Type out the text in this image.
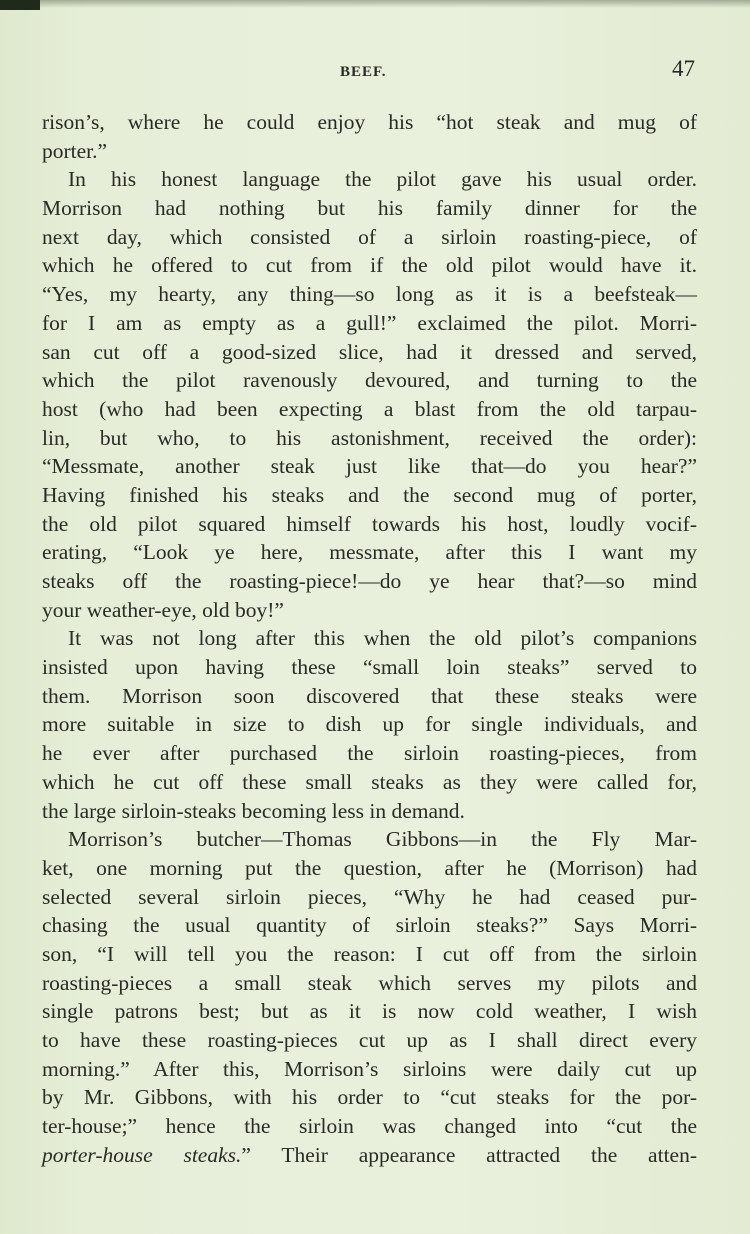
BEEF.	47
rison’s, where he could enjoy his “hot steak and mug of
porter.”
In his honest language the pilot gave his usual order.
Morrison had nothing but his family dinner for the
next day, which consisted of a sirloin roasting-piece, of
which he offered to cut from if the old pilot would have it.
“Yes, my hearty, any thing—so long as it is a beefsteak—
for I am as empty as a gull!” exclaimed the pilot. Morri-
san cut off a good-sized slice, had it dressed and served,
which the pilot ravenously devoured, and turning to the
host (who had been expecting a blast from the old tarpau-
lin, but who, to his astonishment, received the order):
“Messmate, another steak just like that—do you hear?”
Having finished his steaks and the second mug of porter,
the old pilot squared himself towards his host, loudly vocif-
erating, “Look ye here, messmate, after this I want my
steaks off the roasting-piece!—do ye hear that?—so mind
your weather-eye, old boy!”
It was not long after this when the old pilot’s companions
insisted upon having these “small loin steaks” served to
them. Morrison soon discovered that these steaks were
more suitable in size to dish up for single individuals, and
he ever after purchased the sirloin roasting-pieces, from
which he cut off these small steaks as they were called for,
the large sirloin-steaks becoming less in demand.
Morrison’s butcher—Thomas Gibbons—in the Fly Mar-
ket, one morning put the question, after he (Morrison) had
selected several sirloin pieces, “Why he had ceased pur-
chasing the usual quantity of sirloin steaks?” Says Morri-
son, “I will tell you the reason: I cut off from the sirloin
roasting-pieces a small steak which serves my pilots and
single patrons best; but as it is now cold weather, I wish
to have these roasting-pieces cut up as I shall direct every
morning.” After this, Morrison’s sirloins were daily cut up
by Mr. Gibbons, with his order to “cut steaks for the por-
ter-house;” hence the sirloin was changed into “cut the
porter-house steaks.” Their appearance attracted the atten-
